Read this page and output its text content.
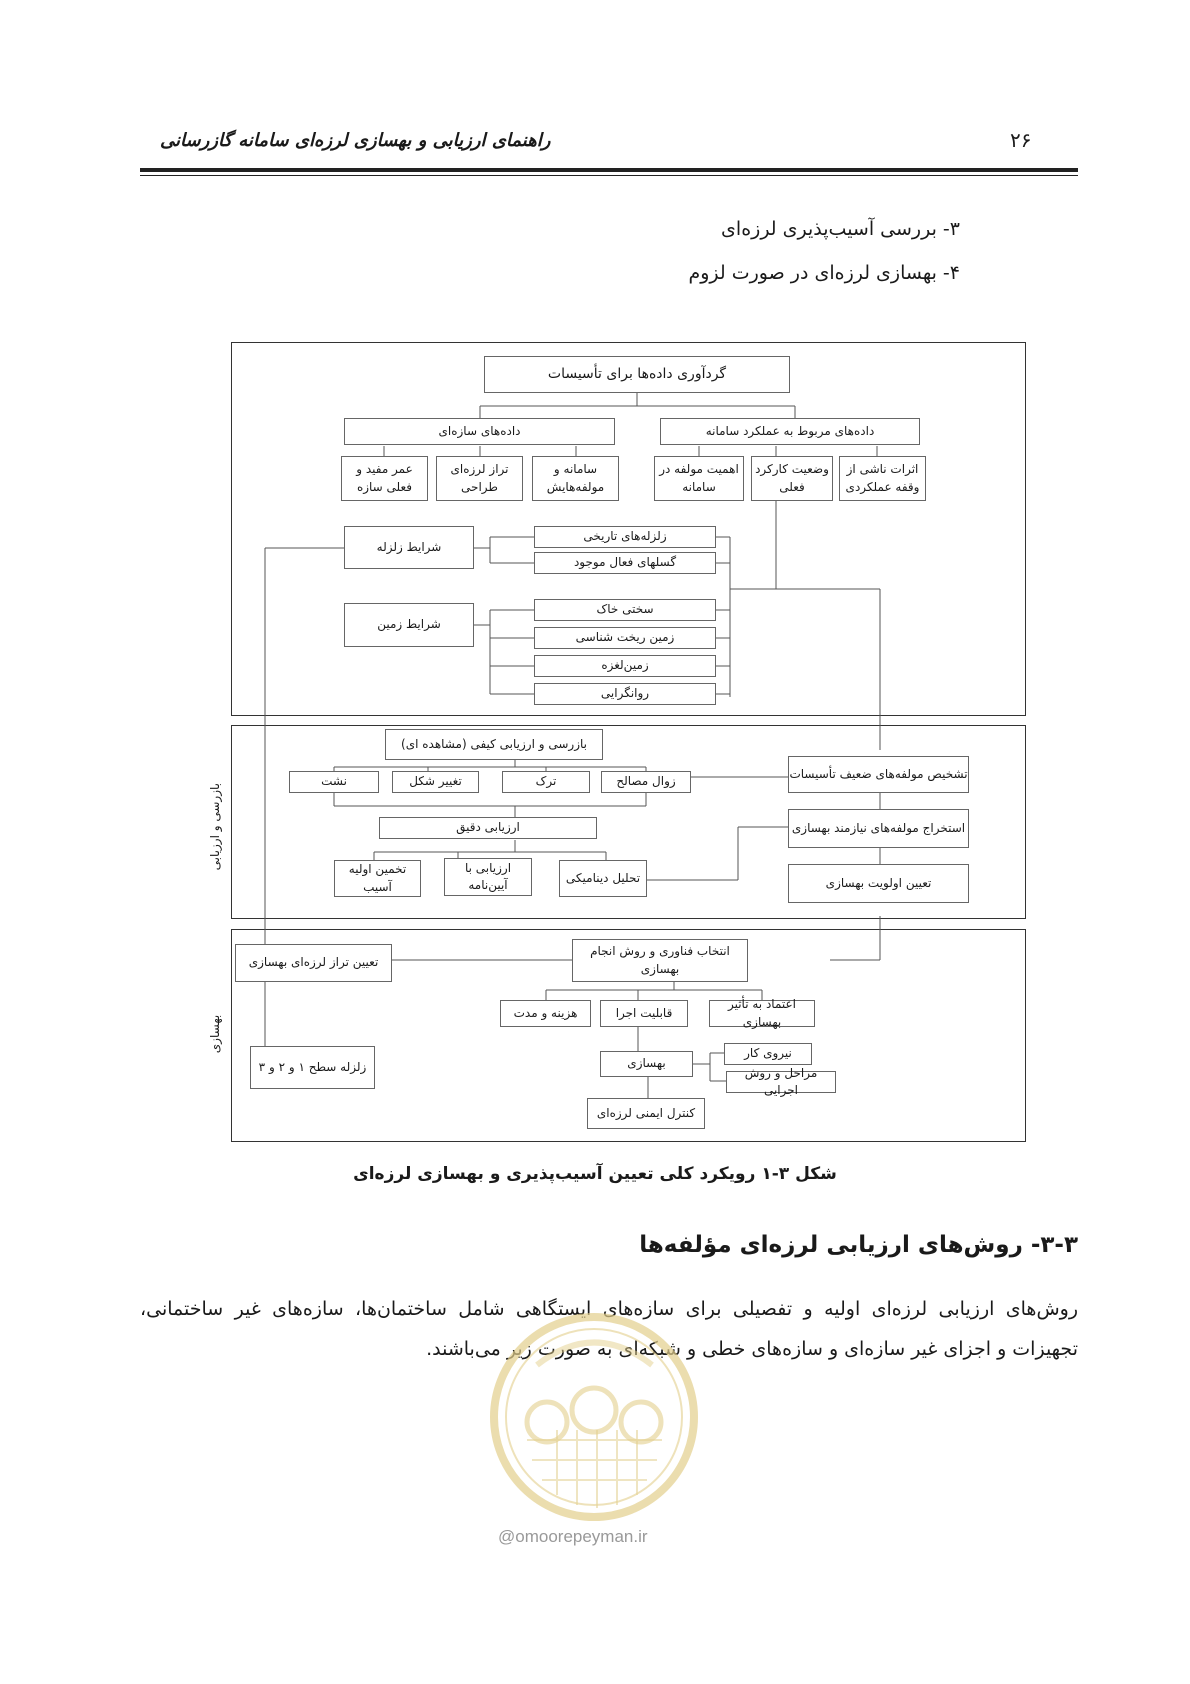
۲۶
راهنمای ارزیابی و بهسازی لرزه‌ای سامانه گازرسانی
۳- بررسی آسیب‌پذیری لرزه‌ای
۴- بهسازی لرزه‌ای در صورت لزوم
گردآوری داده‌ها برای تأسیسات
داده‌های سازه‌ای	داده‌های مربوط به عملکرد سامانه
عمر مفید و فعلی سازه
تراز لرزه‌ای طراحی
سامانه و مولفه‌هایش
اهمیت مولفه در سامانه
وضعیت کارکرد فعلی
اثرات ناشی از وقفه عملکردی
شرایط زلزله
زلزله‌های تاریخی
گسلهای فعال موجود
شرایط زمین
سختی خاک
زمین ریخت شناسی
زمین‌لغزه
روانگرایی
بازرسی و ارزیابی
بازرسی و ارزیابی کیفی (مشاهده ای)
نشت	تغییر شکل	ترک	زوال مصالح
ارزیابی دقیق
تخمین اولیه آسیب
ارزیابی با آیین‌نامه
تحلیل دینامیکی
تشخیص مولفه‌های ضعیف تأسیسات
استخراج مولفه‌های نیازمند بهسازی
تعیین اولویت بهسازی
بهسازی
تعیین تراز لرزه‌ای بهسازی
زلزله سطح ۱ و ۲ و ۳
انتخاب فناوری و روش انجام بهسازی
هزینه و مدت	قابلیت اجرا
اعتماد به تأثیر بهسازی
بهسازی
نیروی کار
مراحل و روش اجرایی
کنترل ایمنی لرزه‌ای
شکل ۳-۱ رویکرد کلی تعیین آسیب‌پذیری و بهسازی لرزه‌ای
۳-۳- روش‌های ارزیابی لرزه‌ای مؤلفه‌ها
روش‌های ارزیابی لرزه‌ای اولیه و تفصیلی برای سازه‌های ایستگاهی شامل ساختمان‌ها، سازه‌های غیر ساختمانی، تجهیزات و اجزای غیر سازه‌ای و سازه‌های خطی و شبکه‌ای به صورت زیر می‌باشند.
@omoorepeyman.ir
